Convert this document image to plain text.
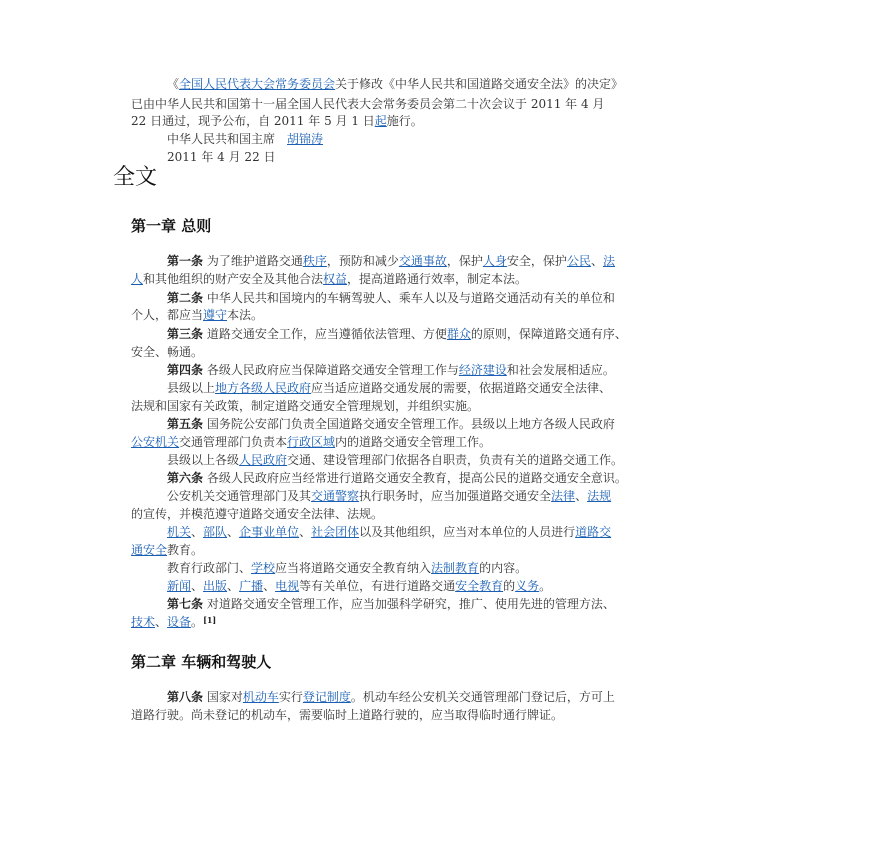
《全国人民代表大会常务委员会关于修改《中华人民共和国道路交通安全法》的决定》

已由中华人民共和国第十一届全国人民代表大会常务委员会第二十次会议于 2011 年 4 月

22 日通过，现予公布，自 2011 年 5 月 1 日起施行。

中华人民共和国主席　胡锦涛

2011 年 4 月 22 日

全文
第一章 总则

第一条 为了维护道路交通秩序，预防和减少交通事故，保护人身安全，保护公民、法

人和其他组织的财产安全及其他合法权益，提高道路通行效率，制定本法。

第二条 中华人民共和国境内的车辆驾驶人、乘车人以及与道路交通活动有关的单位和

个人，都应当遵守本法。

第三条 道路交通安全工作，应当遵循依法管理、方便群众的原则，保障道路交通有序、

安全、畅通。

第四条 各级人民政府应当保障道路交通安全管理工作与经济建设和社会发展相适应。

县级以上地方各级人民政府应当适应道路交通发展的需要，依据道路交通安全法律、

法规和国家有关政策，制定道路交通安全管理规划，并组织实施。

第五条 国务院公安部门负责全国道路交通安全管理工作。县级以上地方各级人民政府

公安机关交通管理部门负责本行政区域内的道路交通安全管理工作。

县级以上各级人民政府交通、建设管理部门依据各自职责，负责有关的道路交通工作。

第六条 各级人民政府应当经常进行道路交通安全教育，提高公民的道路交通安全意识。

公安机关交通管理部门及其交通警察执行职务时，应当加强道路交通安全法律、法规

的宣传，并模范遵守道路交通安全法律、法规。

机关、部队、企事业单位、社会团体以及其他组织，应当对本单位的人员进行道路交

通安全教育。

教育行政部门、学校应当将道路交通安全教育纳入法制教育的内容。

新闻、出版、广播、电视等有关单位，有进行道路交通安全教育的义务。

第七条 对道路交通安全管理工作，应当加强科学研究，推广、使用先进的管理方法、

技术、设备。[1]

第二章 车辆和驾驶人

第八条 国家对机动车实行登记制度。机动车经公安机关交通管理部门登记后，方可上

道路行驶。尚未登记的机动车，需要临时上道路行驶的，应当取得临时通行牌证。
